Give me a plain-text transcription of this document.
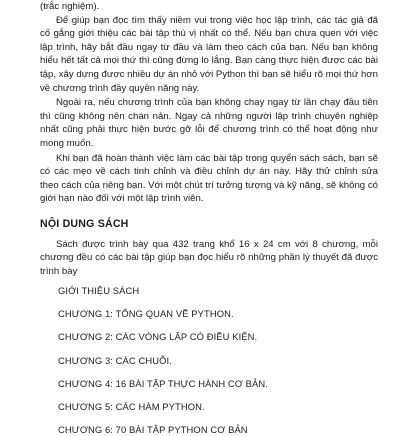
(trắc nghiệm).

Để giúp bạn đọc tìm thấy niềm vui trong việc học lập trình, các tác giả đã cố gắng giới thiệu các bài tập thú vị nhất có thể. Nếu bạn chưa quen với việc lập trình, hãy bắt đầu ngay từ đầu và làm theo cách của bạn. Nếu bạn không hiểu hết tất cả mọi thứ thì cũng đừng lo lắng. Bạn càng thực hiện được các bài tập, xây dựng được nhiều dự án nhỏ với Python thì bạn sẽ hiểu rõ mọi thứ hơn về chương trình đầy quyền năng này.

Ngoài ra, nếu chương trình của bạn không chạy ngay từ lần chạy đầu tiên thì cũng không nên chán nản. Ngay cả những người lập trình chuyên nghiệp nhất cũng phải thực hiện bước gỡ lỗi để chương trình có thể hoạt động như mong muốn.

Khi bạn đã hoàn thành việc làm các bài tập trong quyển sách sách, bạn sẽ có các mẹo về cách tinh chỉnh và điều chỉnh dự án này. Hãy thử chỉnh sửa theo cách của riêng bạn. Với một chút trí tưởng tượng và kỹ năng, sẽ không có giới hạn nào đối với một lập trình viên.

NỘI DUNG SÁCH

Sách được trình bày qua 432 trang khổ 16 x 24 cm với 8 chương, mỗi chương đều có các bài tập giúp bạn đọc hiểu rõ những phần lý thuyết đã được trình bày

GIỚI THIỆU SÁCH
CHƯƠNG 1: TỔNG QUAN VỀ PYTHON.
CHƯƠNG 2: CÁC VÒNG LẶP CÓ ĐIỀU KIỆN.
CHƯƠNG 3: CÁC CHUỖI.
CHƯƠNG 4: 16 BÀI TẬP THỰC HÀNH CƠ BẢN.
CHƯƠNG 5: CÁC HÀM PYTHON.
CHƯƠNG 6: 70 BÀI TẬP PYTHON CƠ BẢN
